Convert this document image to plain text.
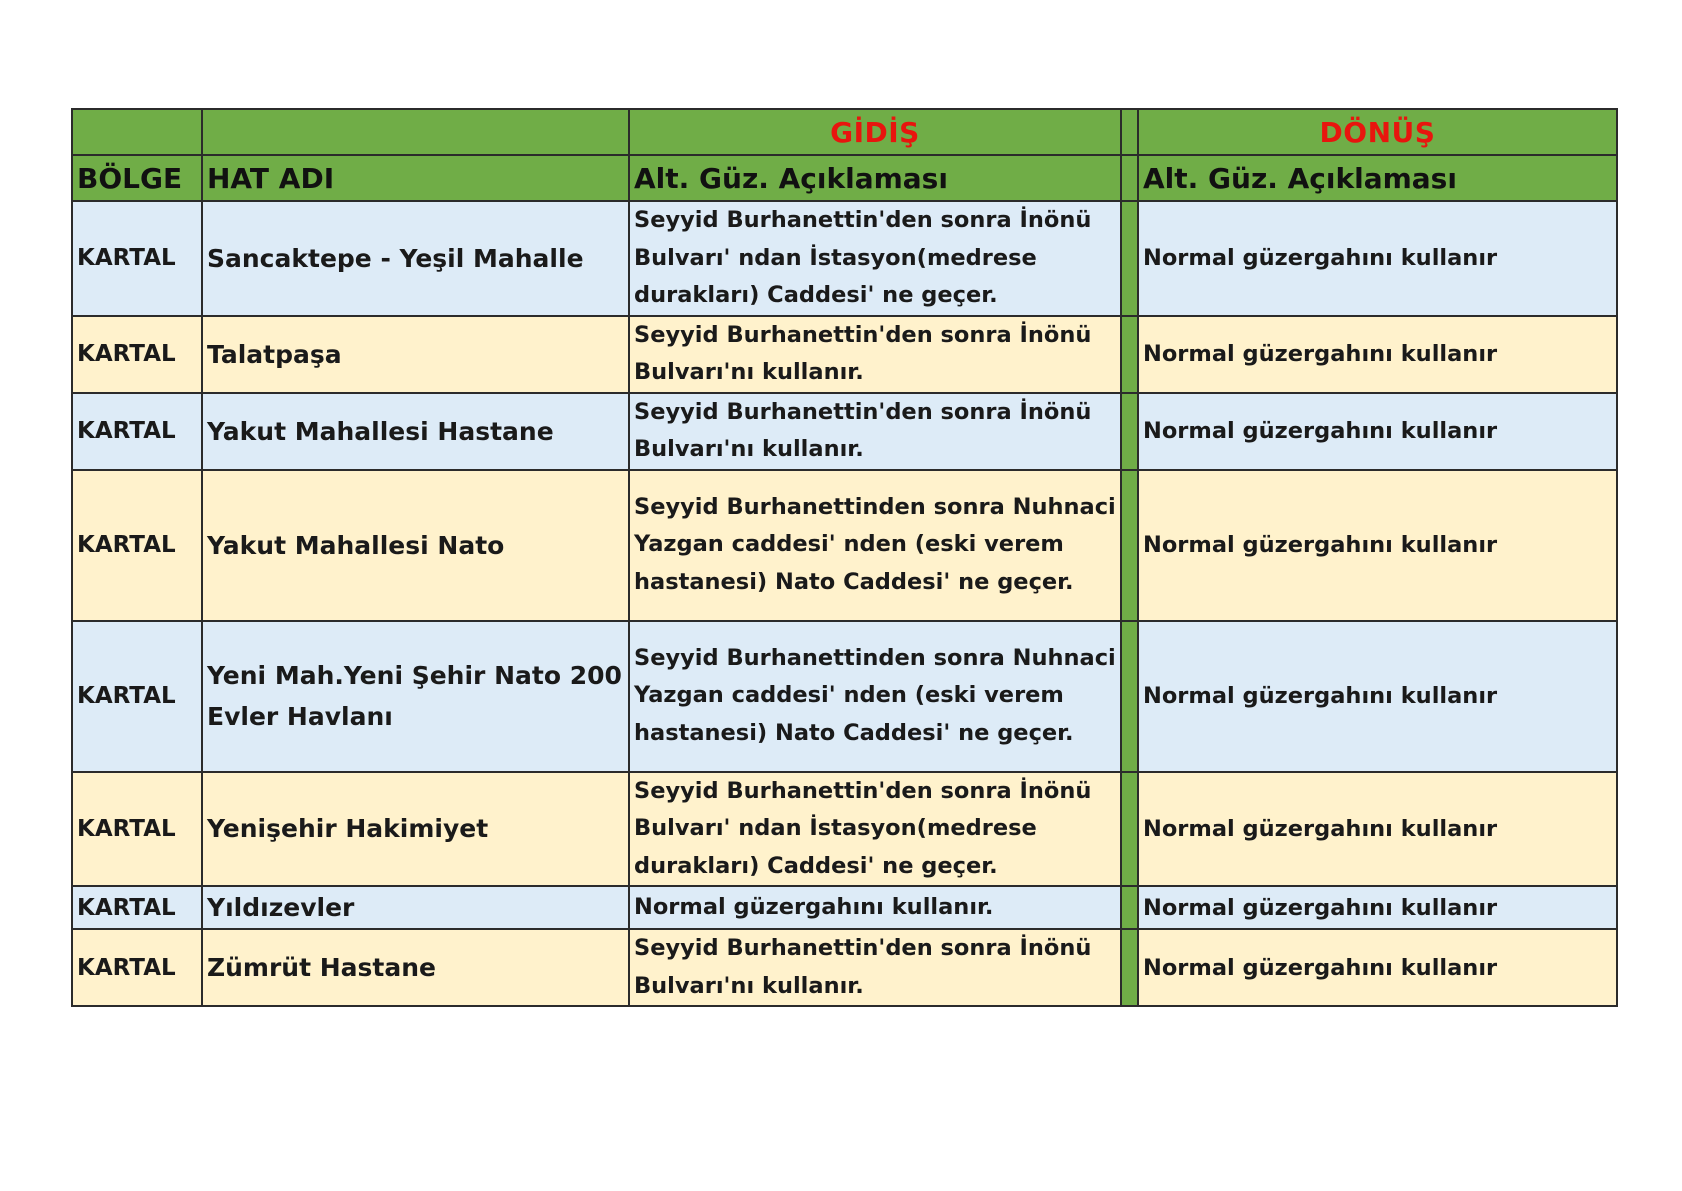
		GİDİŞ		DÖNÜŞ
BÖLGE	HAT ADI	Alt. Güz. Açıklaması		Alt. Güz. Açıklaması
KARTAL	Sancaktepe - Yeşil Mahalle	Seyyid Burhanettin'den sonra İnönü Bulvarı' ndan İstasyon(medrese durakları) Caddesi' ne geçer.		Normal güzergahını kullanır
KARTAL	Talatpaşa	Seyyid Burhanettin'den sonra İnönü Bulvarı'nı kullanır.		Normal güzergahını kullanır
KARTAL	Yakut Mahallesi Hastane	Seyyid Burhanettin'den sonra İnönü Bulvarı'nı kullanır.		Normal güzergahını kullanır
KARTAL	Yakut Mahallesi Nato	Seyyid Burhanettinden sonra Nuhnaci Yazgan caddesi' nden (eski verem hastanesi) Nato Caddesi' ne geçer.		Normal güzergahını kullanır
KARTAL	Yeni Mah.Yeni Şehir Nato 200 Evler Havlanı	Seyyid Burhanettinden sonra Nuhnaci Yazgan caddesi' nden (eski verem hastanesi) Nato Caddesi' ne geçer.		Normal güzergahını kullanır
KARTAL	Yenişehir Hakimiyet	Seyyid Burhanettin'den sonra İnönü Bulvarı' ndan İstasyon(medrese durakları) Caddesi' ne geçer.		Normal güzergahını kullanır
KARTAL	Yıldızevler	Normal güzergahını kullanır.		Normal güzergahını kullanır
KARTAL	Zümrüt Hastane	Seyyid Burhanettin'den sonra İnönü Bulvarı'nı kullanır.		Normal güzergahını kullanır
